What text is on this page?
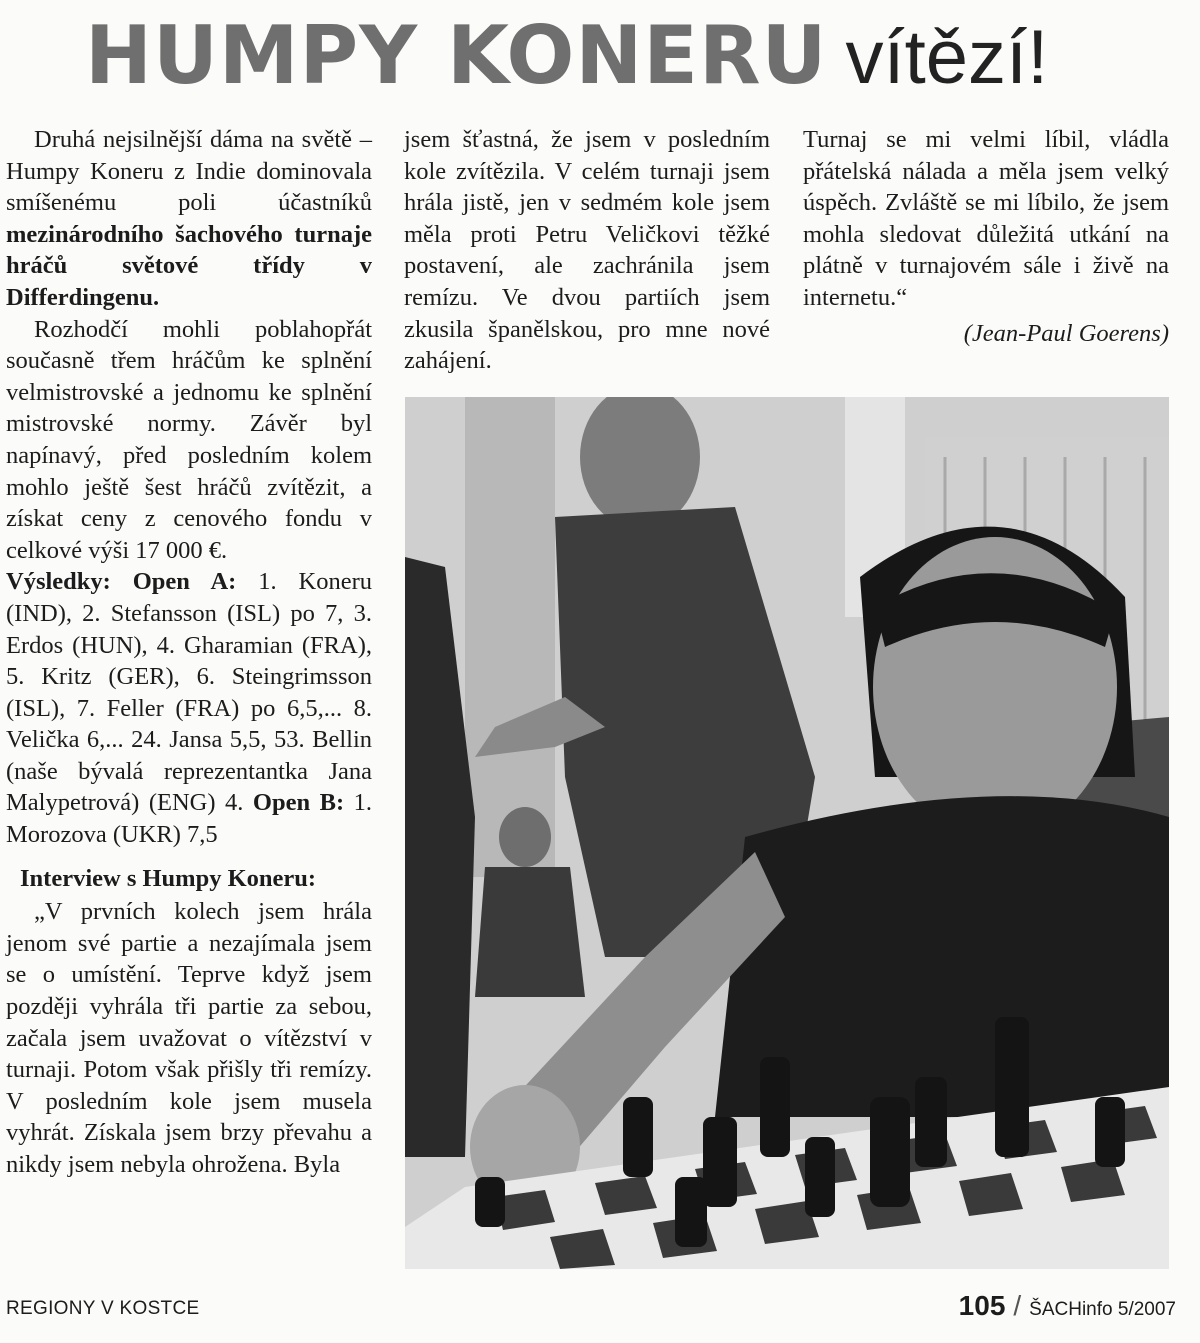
HUMPY KONERU vítězí!

Druhá nejsilnější dáma na světě – Humpy Koneru z Indie dominovala smíšenému poli účastníků mezinárodního šachového turnaje hráčů světové třídy v Differdingenu.

Rozhodčí mohli poblahopřát současně třem hráčům ke splnění velmistrovské a jednomu ke splnění mistrovské normy. Závěr byl napínavý, před posledním kolem mohlo ještě šest hráčů zvítězit, a získat ceny z cenového fondu v celkové výši 17 000 €.

Výsledky: Open A: 1. Koneru (IND), 2. Stefansson (ISL) po 7, 3. Erdos (HUN), 4. Gharamian (FRA), 5. Kritz (GER), 6. Steingrimsson (ISL), 7. Feller (FRA) po 6,5,... 8. Velička 6,... 24. Jansa 5,5, 53. Bellin (naše bývalá reprezentantka Jana Malypetrová) (ENG) 4. Open B: 1. Morozova (UKR) 7,5

Interview s Humpy Koneru:

„V prvních kolech jsem hrála jenom své partie a nezajímala jsem se o umístění. Teprve když jsem později vyhrála tři partie za sebou, začala jsem uvažovat o vítězství v turnaji. Potom však přišly tři remízy. V posledním kole jsem musela vyhrát. Získala jsem brzy převahu a nikdy jsem nebyla ohrožena. Byla

jsem šťastná, že jsem v posledním kole zvítězila. V celém turnaji jsem hrála jistě, jen v sedmém kole jsem měla proti Petru Veličkovi těžké postavení, ale zachránila jsem remízu. Ve dvou partiích jsem zkusila španělskou, pro mne nové zahájení.

Turnaj se mi velmi líbil, vládla přátelská nálada a měla jsem velký úspěch. Zvláště se mi líbilo, že jsem mohla sledovat důležitá utkání na plátně v turnajovém sále i živě na internetu.“

(Jean-Paul Goerens)
REGIONY V KOSTCE	105 / ŠACHinfo 5/2007
